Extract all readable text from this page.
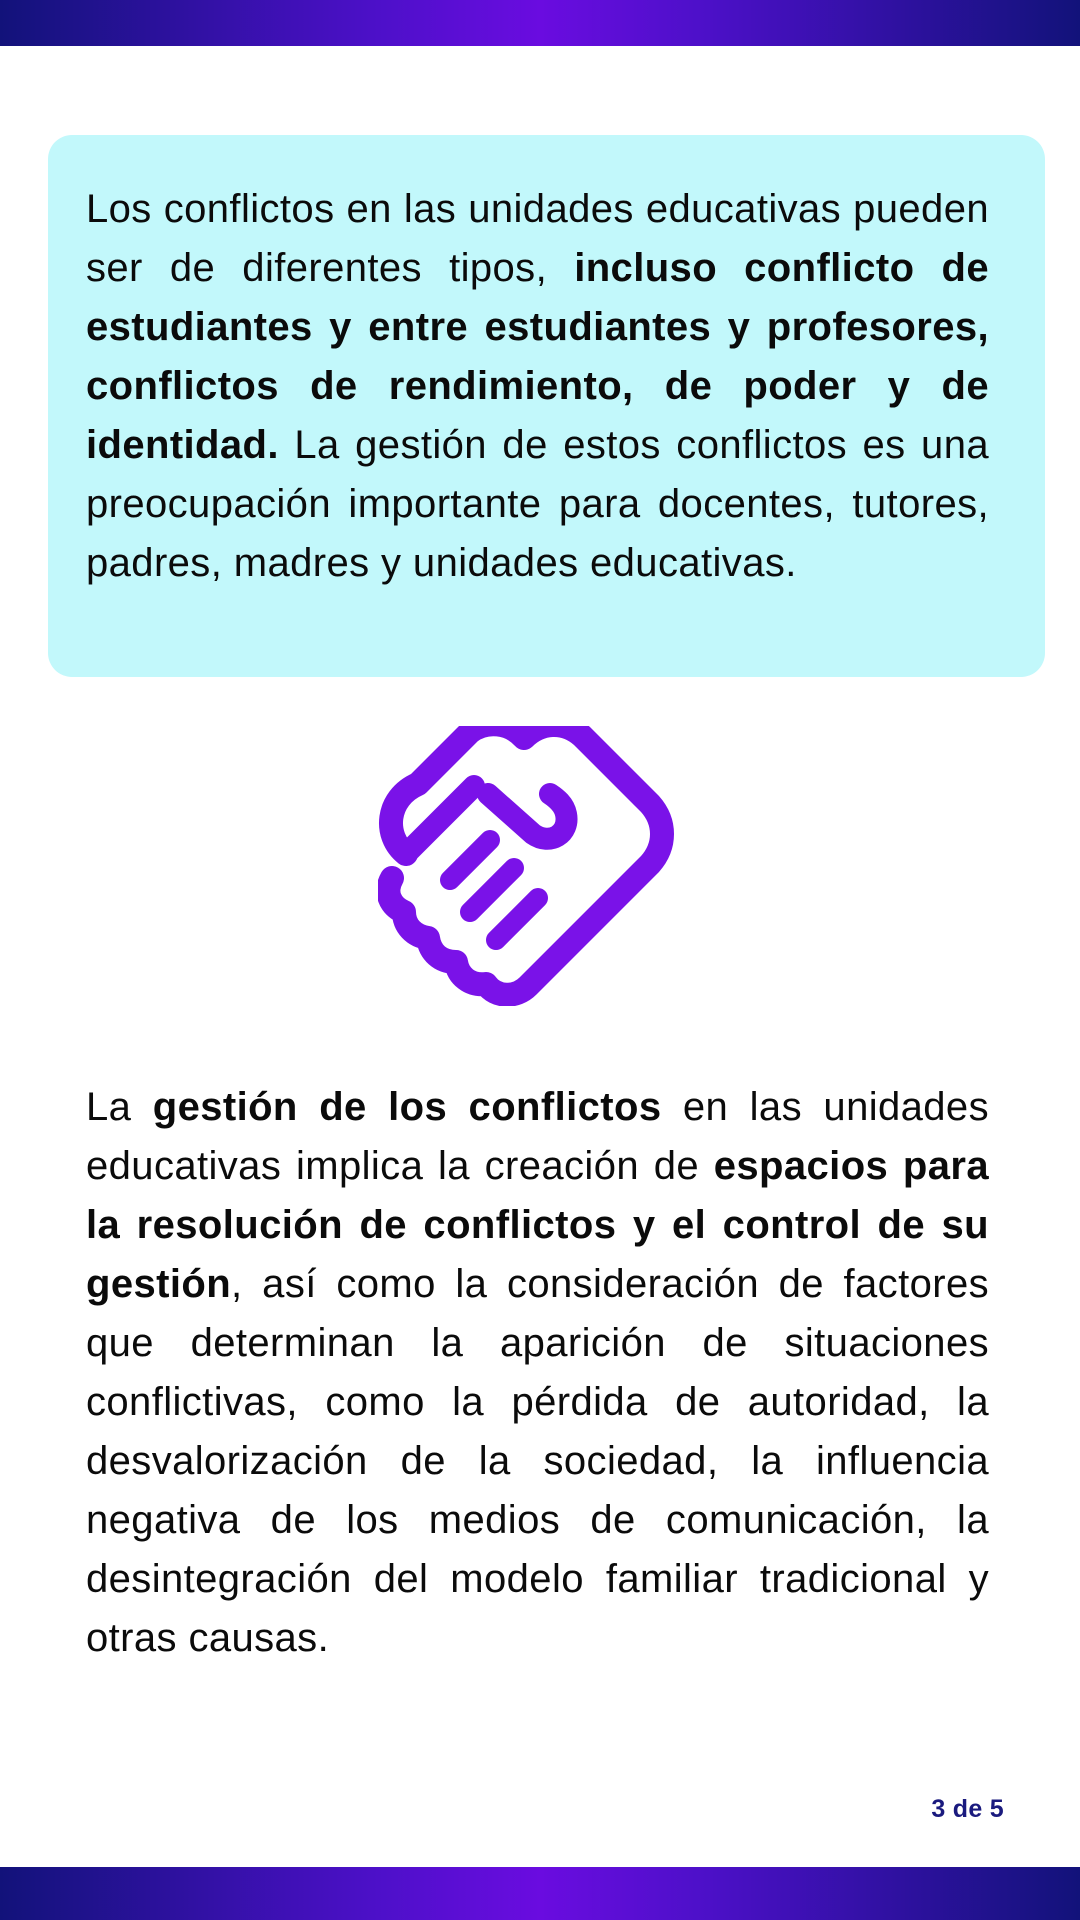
Los conflictos en las unidades educativas pueden ser de diferentes tipos, incluso conflicto de estudiantes y entre estudiantes y profesores, conflictos de rendimiento, de poder y de identidad. La gestión de estos conflictos es una preocupación importante para docentes, tutores, padres, madres y unidades educativas.

La gestión de los conflictos en las unidades educativas implica la creación de espacios para la resolución de conflictos y el control de su gestión, así como la consideración de factores que determinan la aparición de situaciones conflictivas, como la pérdida de autoridad, la desvalorización de la sociedad, la influencia negativa de los medios de comunicación, la desintegración del modelo familiar tradicional y otras causas.

3 de 5
